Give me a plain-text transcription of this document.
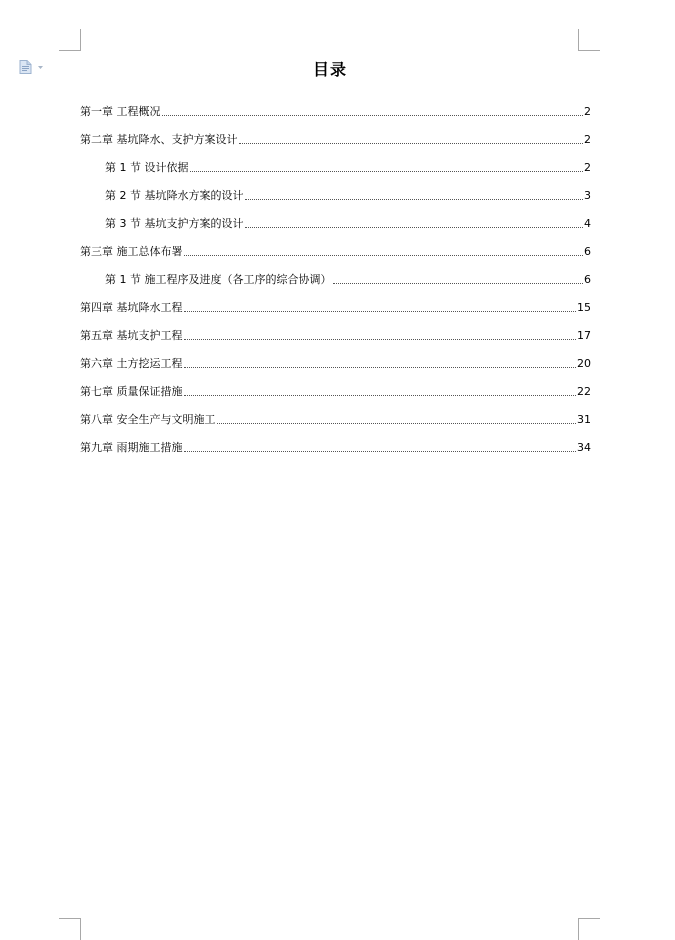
目录
第一章 工程概况	2
第二章 基坑降水、支护方案设计	2
第 1 节 设计依据	2
第 2 节 基坑降水方案的设计	3
第 3 节 基坑支护方案的设计	4
第三章 施工总体布署	6
第 1 节 施工程序及进度（各工序的综合协调）	6
第四章 基坑降水工程	15
第五章 基坑支护工程	17
第六章 土方挖运工程	20
第七章 质量保证措施	22
第八章 安全生产与文明施工	31
第九章 雨期施工措施	34
